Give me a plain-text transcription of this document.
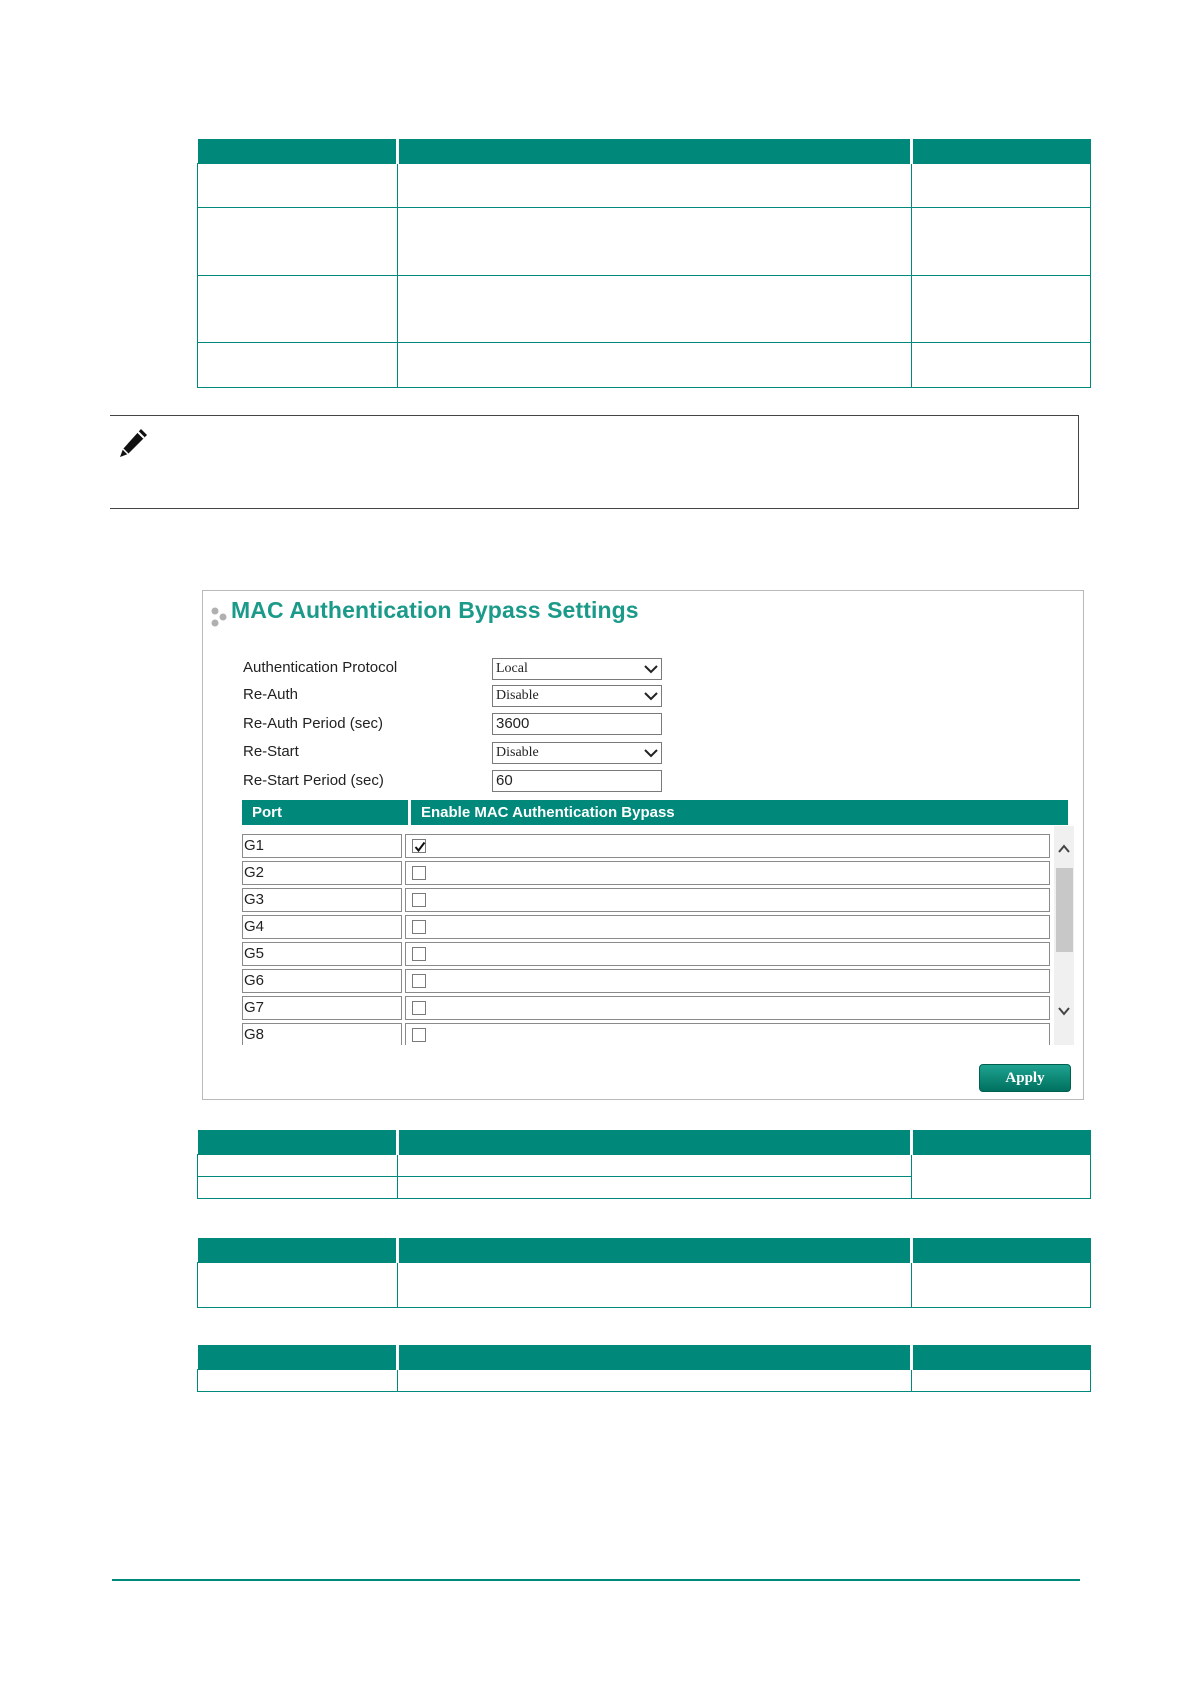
MAC Authentication Bypass Settings
Authentication Protocol	Local
Re-Auth	Disable
Re-Auth Period (sec)	3600
Re-Start	Disable
Re-Start Period (sec)	60
Port	Enable MAC Authentication Bypass
G1
G2
G3
G4
G5
G6
G7
G8
Apply
